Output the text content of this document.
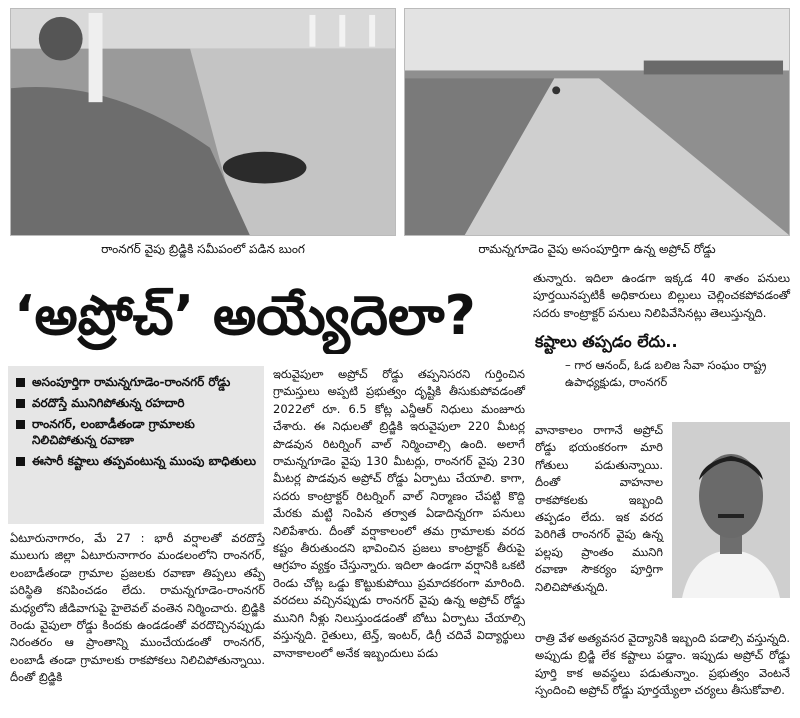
రాంనగర్ వైపు బ్రిడ్జికి సమీపంలో పడిన బుంగ	రామన్నగూడెం వైపు అసంపూర్తిగా ఉన్న అప్రోచ్ రోడ్డు
‘అప్రోచ్’ అయ్యేదెలా?
అసంపూర్తిగా రామన్నగూడెం-రాంనగర్ రోడ్డు
వరదొస్తే మునిగిపోతున్న రహదారి
రాంనగర్, లంబాడీతండా గ్రామాలకు నిలిచిపోతున్న రవాణా
ఈసారీ కష్టాలు తప్పవంటున్న ముంపు బాధితులు
ఏటూరునాగారం, మే 27 : భారీ వర్షాలతో వరదొస్తే ములుగు జిల్లా ఏటూరునాగారం మండలంలోని రాంనగర్, లంబాడీతండా గ్రామాల ప్రజలకు రవాణా తిప్పలు తప్పే పరిస్థితి కనిపించడం లేదు. రామన్నగూడెం-రాంనగర్ మధ్యలోని జీడివాగుపై హైలెవల్ వంతెన నిర్మించారు. బ్రిడ్జికి రెండు వైపులా రోడ్డు కిందకు ఉండడంతో వరదొచ్చినప్పుడు నిరంతరం ఆ ప్రాంతాన్ని ముంచేయడంతో రాంనగర్, లంబాడీ తండా గ్రామాలకు రాకపోకలు నిలిచిపోతున్నాయి. దీంతో బ్రిడ్జికి
ఇరువైపులా అప్రోచ్ రోడ్డు తప్పనిసరని గుర్తించిన గ్రామస్తులు అప్పటి ప్రభుత్వం దృష్టికి తీసుకుపోవడంతో 2022లో రూ. 6.5 కోట్ల ఎన్డీఆర్ నిధులు మంజూరు చేశారు. ఈ నిధులతో బ్రిడ్జికి ఇరువైపులా 220 మీటర్ల పొడవున రిటర్నింగ్ వాల్ నిర్మించాల్సి ఉంది. అలాగే రామన్నగూడెం వైపు 130 మీటర్లు, రాంనగర్ వైపు 230 మీటర్ల పొడవున అప్రోచ్ రోడ్డు ఏర్పాటు చేయాలి. కాగా, సదరు కాంట్రాక్టర్ రిటర్నింగ్ వాల్ నిర్మాణం చేపట్టి కొద్ది మేరకు మట్టి నింపిన తర్వాత ఏడాదిన్నరగా పనులు నిలిపేశారు. దీంతో వర్షాకాలంలో తమ గ్రామాలకు వరద కష్టం తీరుతుందని భావించిన ప్రజలు కాంట్రాక్టర్ తీరుపై ఆగ్రహం వ్యక్తం చేస్తున్నారు. ఇదిలా ఉండగా వర్షానికి ఒకటి రెండు చోట్ల ఒడ్డు కొట్టుకుపోయి ప్రమాదకరంగా మారింది. వరదలు వచ్చినప్పుడు రాంనగర్ వైపు ఉన్న అప్రోచ్ రోడ్డు మునిగి నీళ్లు నిలుస్తుండడంతో బోటు ఏర్పాటు చేయాల్సి వస్తున్నది. రైతులు, టెన్త్, ఇంటర్, డిగ్రీ చదివే విద్యార్థులు వానాకాలంలో అనేక ఇబ్బందులు పడు
తున్నారు. ఇదిలా ఉండగా ఇక్కడ 40 శాతం పనులు పూర్తయినప్పటికీ అధికారులు బిల్లులు చెల్లించకపోవడంతో సదరు కాంట్రాక్టర్ పనులు నిలిపివేసినట్లు తెలుస్తున్నది.
కష్టాలు తప్పడం లేదు..
– గార ఆనంద్, ఓడ బలిజ సేవా సంఘం రాష్ట్ర ఉపాధ్యక్షుడు, రాంనగర్
వానాకాలం రాగానే అప్రోచ్ రోడ్డు భయంకరంగా మారి గోతులు పడుతున్నాయి. దీంతో వాహనాల రాకపోకలకు ఇబ్బంది తప్పడం లేదు. ఇక వరద పెరిగితే రాంనగర్ వైపు ఉన్న పల్లపు ప్రాంతం మునిగి రవాణా సౌకర్యం పూర్తిగా నిలిచిపోతున్నది.
రాత్రి వేళ అత్యవసర వైద్యానికి ఇబ్బంది పడాల్సి వస్తున్నది. అప్పుడు బ్రిడ్జి లేక కష్టాలు పడ్డాం. ఇప్పుడు అప్రోచ్ రోడ్డు పూర్తి కాక అవస్థలు పడుతున్నాం. ప్రభుత్వం వెంటనే స్పందించి అప్రోచ్ రోడ్డు పూర్తయ్యేలా చర్యలు తీసుకోవాలి.
